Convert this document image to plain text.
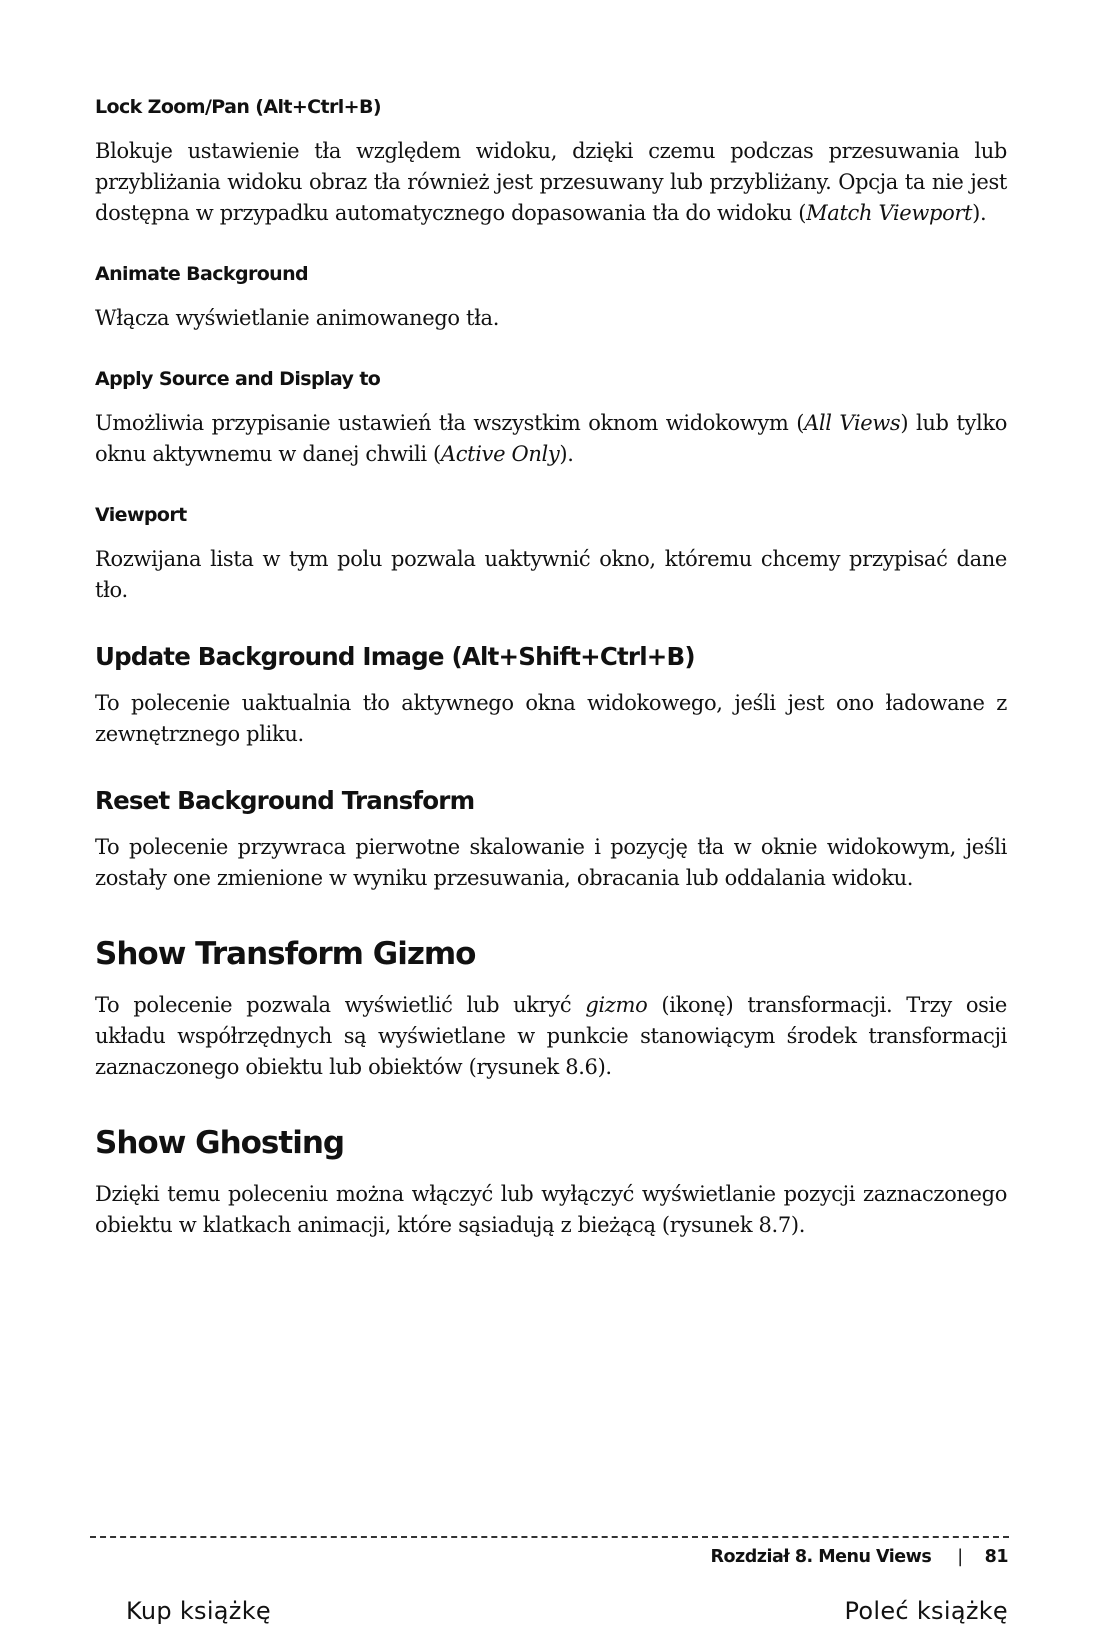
Lock Zoom/Pan (Alt+Ctrl+B)

Blokuje ustawienie tła względem widoku, dzięki czemu podczas przesuwania lub przybliżania widoku obraz tła również jest przesuwany lub przybliżany. Opcja ta nie jest dostępna w przypadku automatycznego dopasowania tła do widoku (Match Viewport).

Animate Background

Włącza wyświetlanie animowanego tła.

Apply Source and Display to

Umożliwia przypisanie ustawień tła wszystkim oknom widokowym (All Views) lub tylko oknu aktywnemu w danej chwili (Active Only).

Viewport

Rozwijana lista w tym polu pozwala uaktywnić okno, któremu chcemy przypisać dane tło.

Update Background Image (Alt+Shift+Ctrl+B)

To polecenie uaktualnia tło aktywnego okna widokowego, jeśli jest ono ładowane z zewnętrznego pliku.

Reset Background Transform

To polecenie przywraca pierwotne skalowanie i pozycję tła w oknie widokowym, jeśli zostały one zmienione w wyniku przesuwania, obracania lub oddalania widoku.

Show Transform Gizmo

To polecenie pozwala wyświetlić lub ukryć gizmo (ikonę) transformacji. Trzy osie układu współrzędnych są wyświetlane w punkcie stanowiącym środek transformacji zaznaczonego obiektu lub obiektów (rysunek 8.6).

Show Ghosting

Dzięki temu poleceniu można włączyć lub wyłączyć wyświetlanie pozycji zaznaczonego obiektu w klatkach animacji, które sąsiadują z bieżącą (rysunek 8.7).

Rozdział 8. Menu Views | 81
Kup książkę	Poleć książkę
